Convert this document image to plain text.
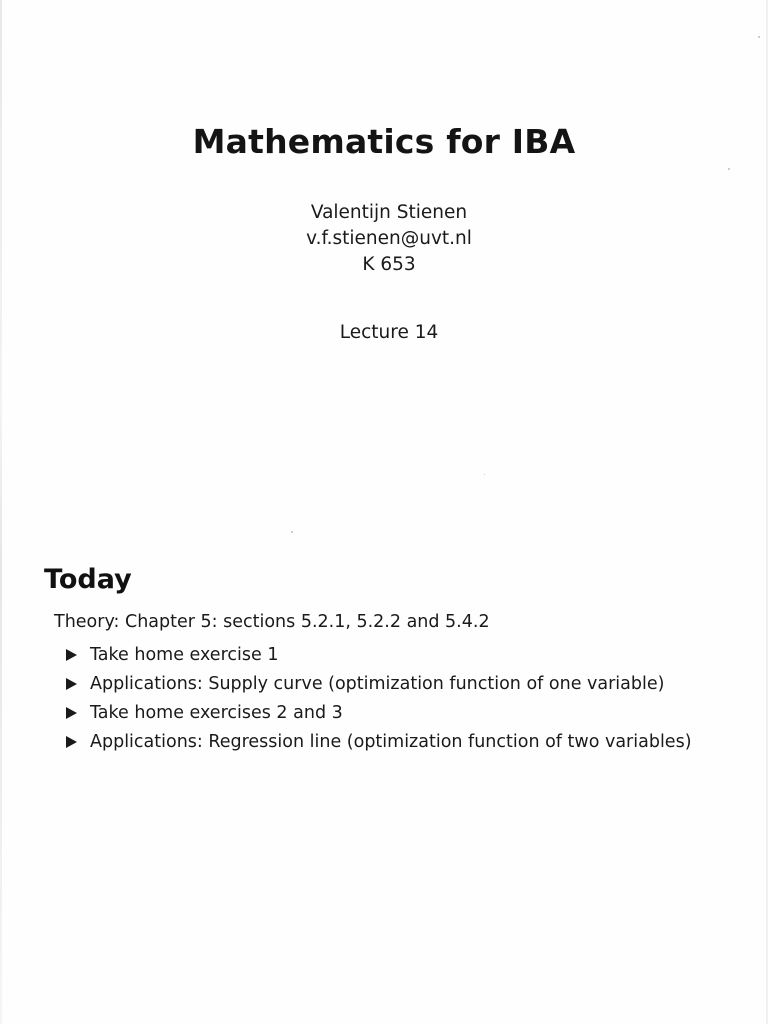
Mathematics for IBA
Valentijn Stienen
v.f.stienen@uvt.nl
K 653
Lecture 14
Today
Theory: Chapter 5: sections 5.2.1, 5.2.2 and 5.4.2
Take home exercise 1
Applications: Supply curve (optimization function of one variable)
Take home exercises 2 and 3
Applications: Regression line (optimization function of two variables)
